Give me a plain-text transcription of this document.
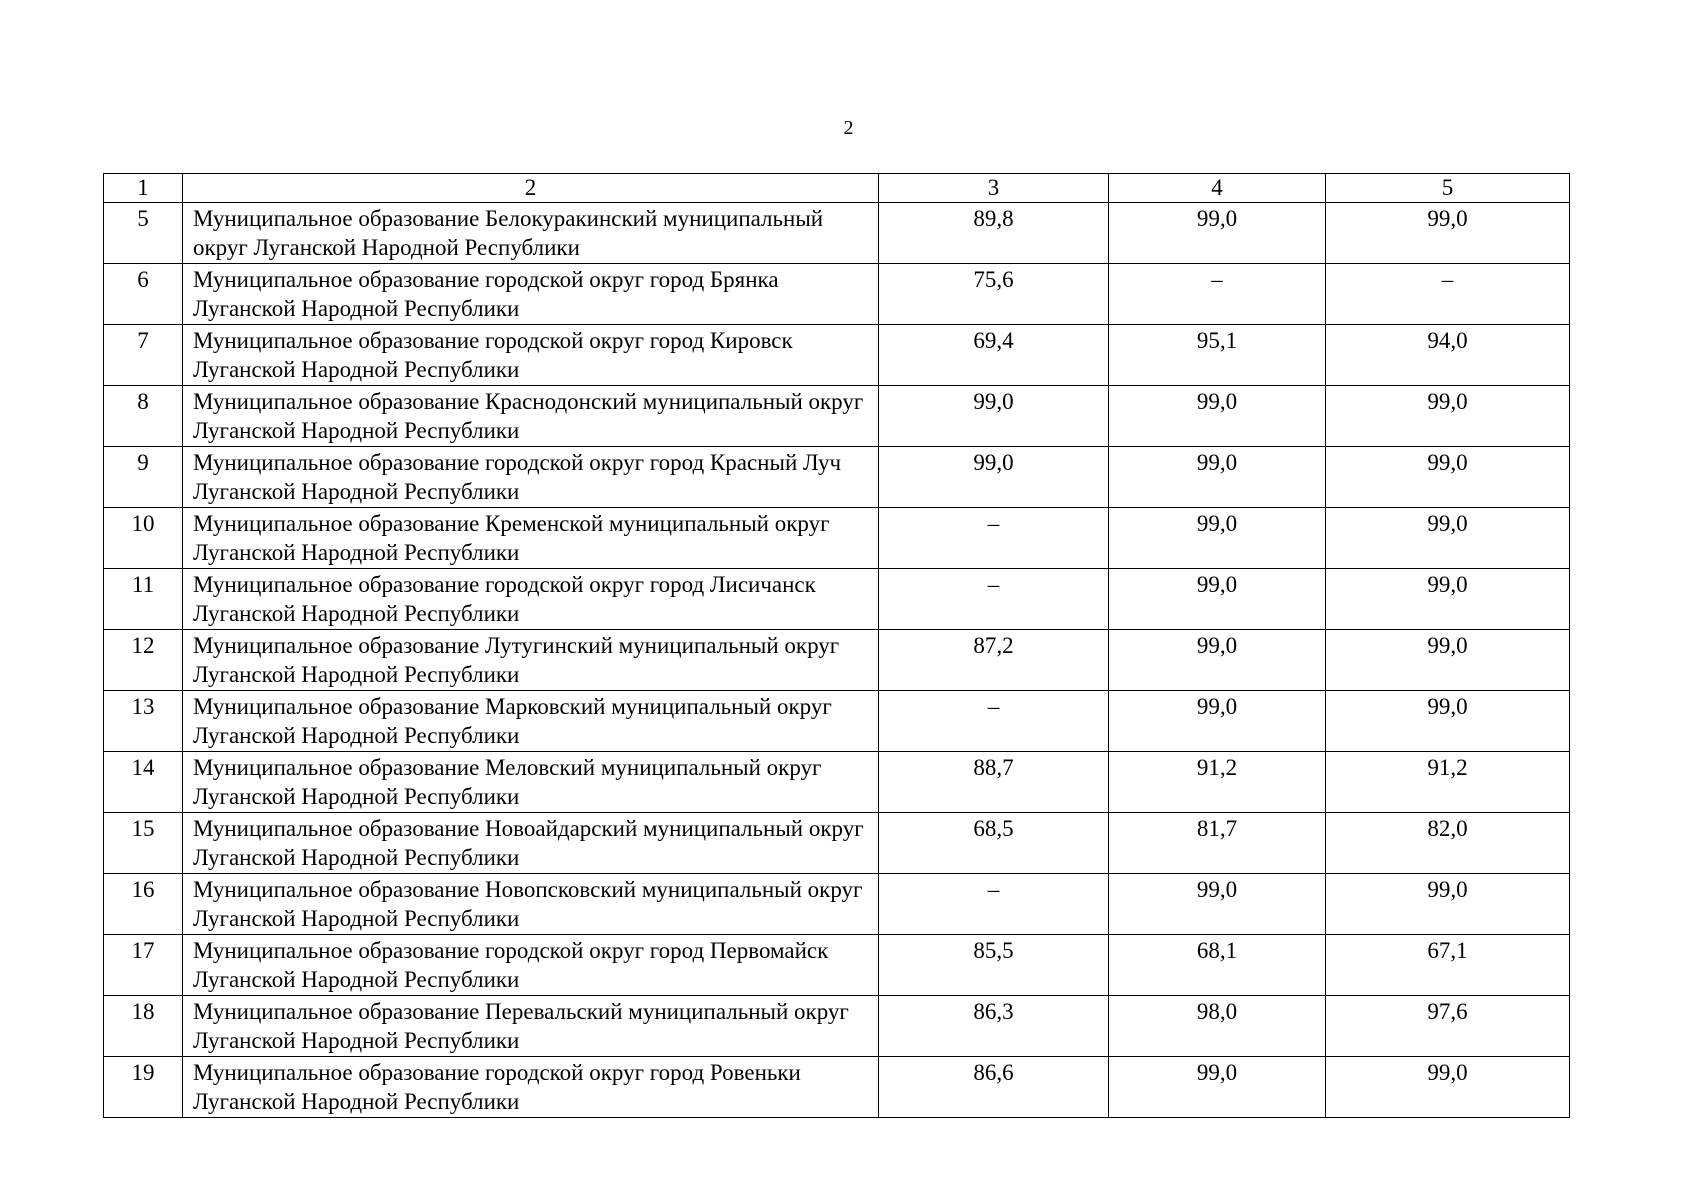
2
1	2	3	4	5
5	Муниципальное образование Белокуракинский муниципальный округ Луганской Народной Республики	89,8	99,0	99,0
6	Муниципальное образование городской округ город Брянка Луганской Народной Республики	75,6	–	–
7	Муниципальное образование городской округ город Кировск Луганской Народной Республики	69,4	95,1	94,0
8	Муниципальное образование Краснодонский муниципальный округ Луганской Народной Республики	99,0	99,0	99,0
9	Муниципальное образование городской округ город Красный Луч Луганской Народной Республики	99,0	99,0	99,0
10	Муниципальное образование Кременской муниципальный округ Луганской Народной Республики	–	99,0	99,0
11	Муниципальное образование городской округ город Лисичанск Луганской Народной Республики	–	99,0	99,0
12	Муниципальное образование Лутугинский муниципальный округ Луганской Народной Республики	87,2	99,0	99,0
13	Муниципальное образование Марковский муниципальный округ Луганской Народной Республики	–	99,0	99,0
14	Муниципальное образование Меловский муниципальный округ Луганской Народной Республики	88,7	91,2	91,2
15	Муниципальное образование Новоайдарский муниципальный округ Луганской Народной Республики	68,5	81,7	82,0
16	Муниципальное образование Новопсковский муниципальный округ Луганской Народной Республики	–	99,0	99,0
17	Муниципальное образование городской округ город Первомайск Луганской Народной Республики	85,5	68,1	67,1
18	Муниципальное образование Перевальский муниципальный округ Луганской Народной Республики	86,3	98,0	97,6
19	Муниципальное образование городской округ город Ровеньки Луганской Народной Республики	86,6	99,0	99,0
